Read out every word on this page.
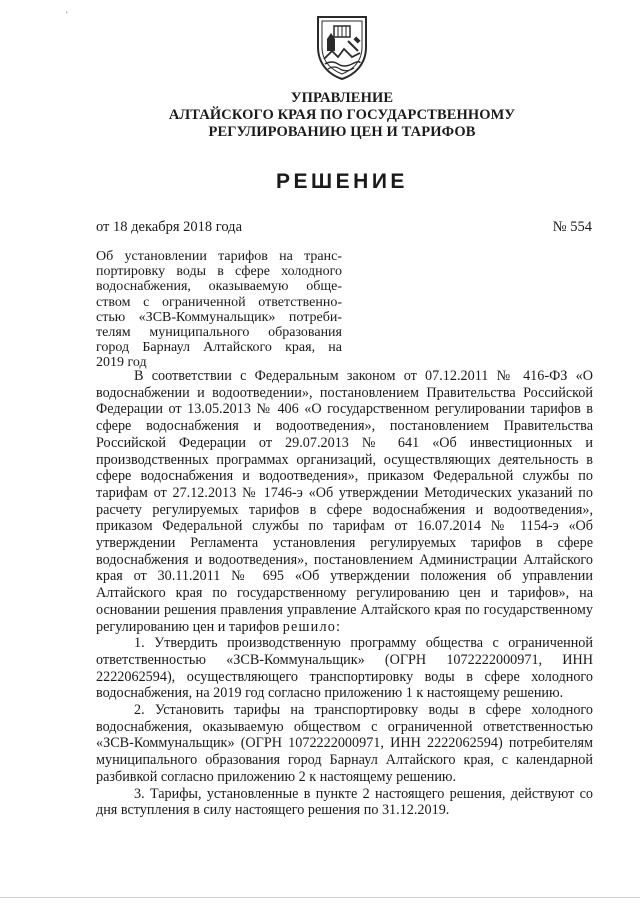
'
УПРАВЛЕНИЕ
АЛТАЙСКОГО КРАЯ ПО ГОСУДАРСТВЕННОМУ
РЕГУЛИРОВАНИЮ ЦЕН И ТАРИФОВ
РЕШЕНИЕ
от 18 декабря 2018 года	№ 554
Об установлении тарифов на транс-
портировку воды в сфере холодного
водоснабжения, оказываемую обще-
ством с ограниченной ответственно-
стью «ЗСВ-Коммунальщик» потреби-
телям муниципального образования
город Барнаул Алтайского края, на
2019 год

В соответствии с Федеральным законом от 07.12.2011 № 416-ФЗ «О водоснабжении и водоотведении», постановлением Правительства Российской Федерации от 13.05.2013 № 406 «О государственном регулировании тарифов в сфере водоснабжения и водоотведения», постановлением Правительства Российской Федерации от 29.07.2013 № 641 «Об инвестиционных и производственных программах организаций, осуществляющих деятельность в сфере водоснабжения и водоотведения», приказом Федеральной службы по тарифам от 27.12.2013 № 1746-э «Об утверждении Методических указаний по расчету регулируемых тарифов в сфере водоснабжения и водоотведения», приказом Федеральной службы по тарифам от 16.07.2014 № 1154-э «Об утверждении Регламента установления регулируемых тарифов в сфере водоснабжения и водоотведения», постановлением Администрации Алтайского края от 30.11.2011 № 695 «Об утверждении положения об управлении Алтайского края по государственному регулированию цен и тарифов», на основании решения правления управление Алтайского края по государственному регулированию цен и тарифов решило:

1. Утвердить производственную программу общества с ограниченной ответственностью «ЗСВ-Коммунальщик» (ОГРН 1072222000971, ИНН 2222062594), осуществляющего транспортировку воды в сфере холодного водоснабжения, на 2019 год согласно приложению 1 к настоящему решению.

2. Установить тарифы на транспортировку воды в сфере холодного водоснабжения, оказываемую обществом с ограниченной ответственностью «ЗСВ-Коммунальщик» (ОГРН 1072222000971, ИНН 2222062594) потребителям муниципального образования город Барнаул Алтайского края, с календарной разбивкой согласно приложению 2 к настоящему решению.

3. Тарифы, установленные в пункте 2 настоящего решения, действуют со дня вступления в силу настоящего решения по 31.12.2019.
